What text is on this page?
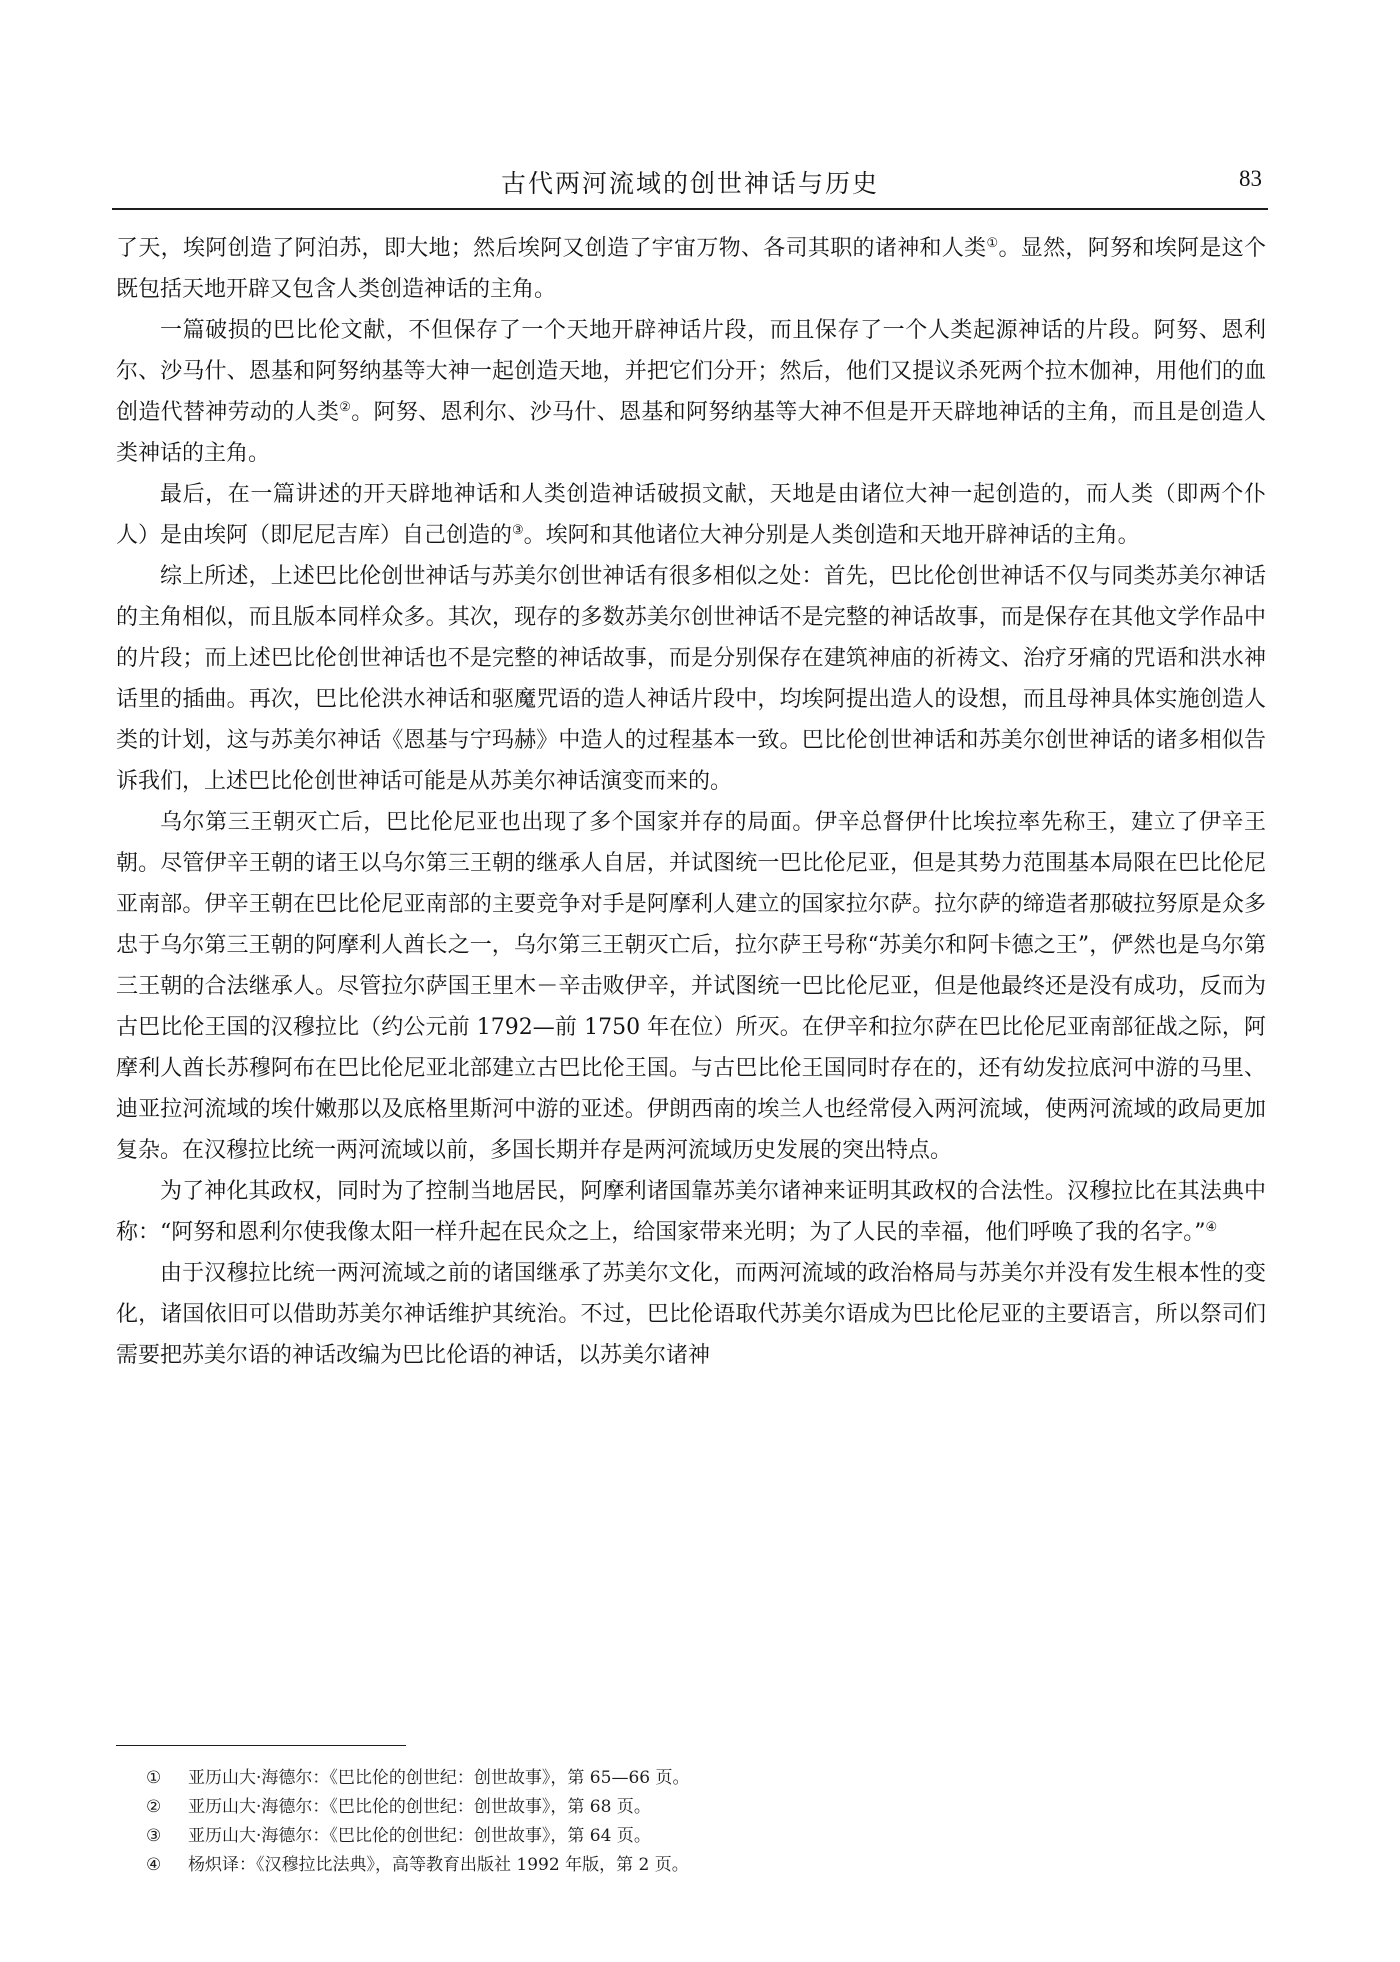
古代两河流域的创世神话与历史	83

了天，埃阿创造了阿泊苏，即大地；然后埃阿又创造了宇宙万物、各司其职的诸神和人类①。显然，阿努和埃阿是这个既包括天地开辟又包含人类创造神话的主角。

一篇破损的巴比伦文献，不但保存了一个天地开辟神话片段，而且保存了一个人类起源神话的片段。阿努、恩利尔、沙马什、恩基和阿努纳基等大神一起创造天地，并把它们分开；然后，他们又提议杀死两个拉木伽神，用他们的血创造代替神劳动的人类②。阿努、恩利尔、沙马什、恩基和阿努纳基等大神不但是开天辟地神话的主角，而且是创造人类神话的主角。

最后，在一篇讲述的开天辟地神话和人类创造神话破损文献，天地是由诸位大神一起创造的，而人类（即两个仆人）是由埃阿（即尼尼吉库）自己创造的③。埃阿和其他诸位大神分别是人类创造和天地开辟神话的主角。

综上所述，上述巴比伦创世神话与苏美尔创世神话有很多相似之处：首先，巴比伦创世神话不仅与同类苏美尔神话的主角相似，而且版本同样众多。其次，现存的多数苏美尔创世神话不是完整的神话故事，而是保存在其他文学作品中的片段；而上述巴比伦创世神话也不是完整的神话故事，而是分别保存在建筑神庙的祈祷文、治疗牙痛的咒语和洪水神话里的插曲。再次，巴比伦洪水神话和驱魔咒语的造人神话片段中，均埃阿提出造人的设想，而且母神具体实施创造人类的计划，这与苏美尔神话《恩基与宁玛赫》中造人的过程基本一致。巴比伦创世神话和苏美尔创世神话的诸多相似告诉我们，上述巴比伦创世神话可能是从苏美尔神话演变而来的。

乌尔第三王朝灭亡后，巴比伦尼亚也出现了多个国家并存的局面。伊辛总督伊什比埃拉率先称王，建立了伊辛王朝。尽管伊辛王朝的诸王以乌尔第三王朝的继承人自居，并试图统一巴比伦尼亚，但是其势力范围基本局限在巴比伦尼亚南部。伊辛王朝在巴比伦尼亚南部的主要竞争对手是阿摩利人建立的国家拉尔萨。拉尔萨的缔造者那破拉努原是众多忠于乌尔第三王朝的阿摩利人酋长之一，乌尔第三王朝灭亡后，拉尔萨王号称“苏美尔和阿卡德之王”，俨然也是乌尔第三王朝的合法继承人。尽管拉尔萨国王里木－辛击败伊辛，并试图统一巴比伦尼亚，但是他最终还是没有成功，反而为古巴比伦王国的汉穆拉比（约公元前 1792—前 1750 年在位）所灭。在伊辛和拉尔萨在巴比伦尼亚南部征战之际，阿摩利人酋长苏穆阿布在巴比伦尼亚北部建立古巴比伦王国。与古巴比伦王国同时存在的，还有幼发拉底河中游的马里、迪亚拉河流域的埃什嫩那以及底格里斯河中游的亚述。伊朗西南的埃兰人也经常侵入两河流域，使两河流域的政局更加复杂。在汉穆拉比统一两河流域以前，多国长期并存是两河流域历史发展的突出特点。

为了神化其政权，同时为了控制当地居民，阿摩利诸国靠苏美尔诸神来证明其政权的合法性。汉穆拉比在其法典中称：“阿努和恩利尔使我像太阳一样升起在民众之上，给国家带来光明；为了人民的幸福，他们呼唤了我的名字。”④

由于汉穆拉比统一两河流域之前的诸国继承了苏美尔文化，而两河流域的政治格局与苏美尔并没有发生根本性的变化，诸国依旧可以借助苏美尔神话维护其统治。不过，巴比伦语取代苏美尔语成为巴比伦尼亚的主要语言，所以祭司们需要把苏美尔语的神话改编为巴比伦语的神话，以苏美尔诸神

①	亚历山大·海德尔：《巴比伦的创世纪：创世故事》，第 65—66 页。
②	亚历山大·海德尔：《巴比伦的创世纪：创世故事》，第 68 页。
③	亚历山大·海德尔：《巴比伦的创世纪：创世故事》，第 64 页。
④	杨炽译：《汉穆拉比法典》，高等教育出版社 1992 年版，第 2 页。
